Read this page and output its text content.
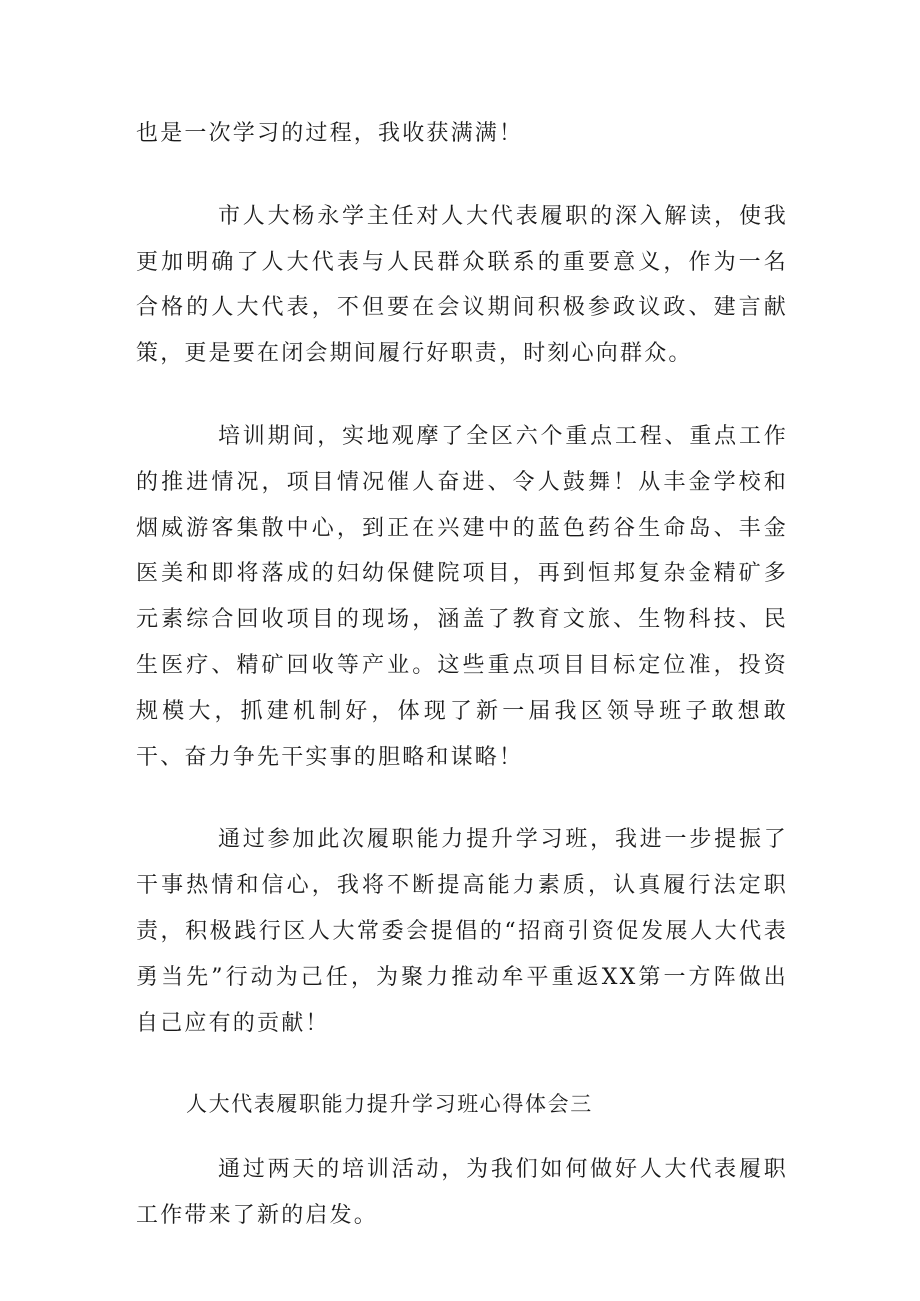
也是一次学习的过程，我收获满满！

市人大杨永学主任对人大代表履职的深入解读，使我更加明确了人大代表与人民群众联系的重要意义，作为一名合格的人大代表，不但要在会议期间积极参政议政、建言献策，更是要在闭会期间履行好职责，时刻心向群众。

培训期间，实地观摩了全区六个重点工程、重点工作的推进情况，项目情况催人奋进、令人鼓舞！从丰金学校和烟威游客集散中心，到正在兴建中的蓝色药谷生命岛、丰金医美和即将落成的妇幼保健院项目，再到恒邦复杂金精矿多元素综合回收项目的现场，涵盖了教育文旅、生物科技、民生医疗、精矿回收等产业。这些重点项目目标定位准，投资规模大，抓建机制好，体现了新一届我区领导班子敢想敢干、奋力争先干实事的胆略和谋略！

通过参加此次履职能力提升学习班，我进一步提振了干事热情和信心，我将不断提高能力素质，认真履行法定职责，积极践行区人大常委会提倡的“招商引资促发展人大代表勇当先”行动为己任，为聚力推动牟平重返XX第一方阵做出自己应有的贡献！

人大代表履职能力提升学习班心得体会三

通过两天的培训活动，为我们如何做好人大代表履职工作带来了新的启发。
